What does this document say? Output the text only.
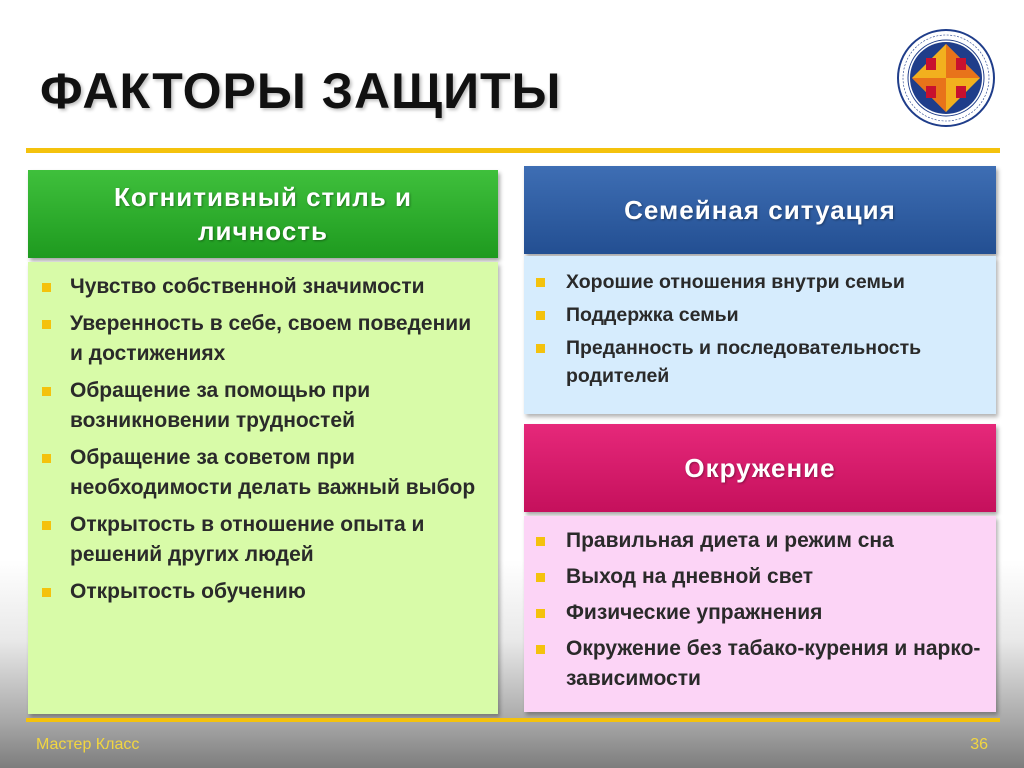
ФАКТОРЫ ЗАЩИТЫ
Когнитивный стиль и личность
Чувство собственной значимости
Уверенность в себе, своем поведении и достижениях
Обращение за помощью при возникновении трудностей
Обращение за советом при необходимости делать важный выбор
Открытость в отношение опыта и решений других людей
Открытость обучению
Семейная ситуация
Хорошие отношения внутри семьи
Поддержка семьи
Преданность и последовательность родителей
Окружение
Правильная диета и режим сна
Выход на дневной свет
Физические упражнения
Окружение без табако-курения и нарко-зависимости
Мастер Класс	36
